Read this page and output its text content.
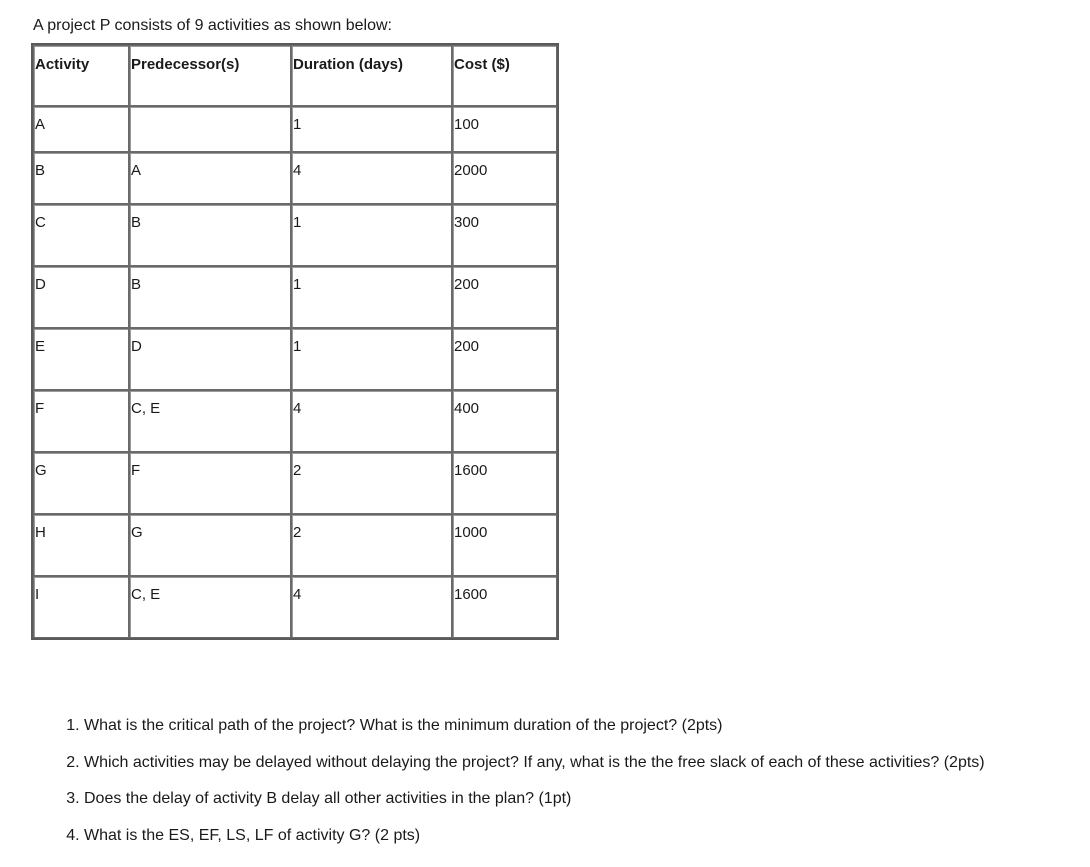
A project P consists of 9 activities as shown below:
Activity	Predecessor(s)	Duration (days)	Cost ($)
A		1	100
B	A	4	2000
C	B	1	300
D	B	1	200
E	D	1	200
F	C, E	4	400
G	F	2	1600
H	G	2	1000
I	C, E	4	1600
1. What is the critical path of the project? What is the minimum duration of the project? (2pts)
2. Which activities may be delayed without delaying the project? If any, what is the the free slack of each of these activities? (2pts)
3. Does the delay of activity B delay all other activities in the plan? (1pt)
4. What is the ES, EF, LS, LF of activity G? (2 pts)
